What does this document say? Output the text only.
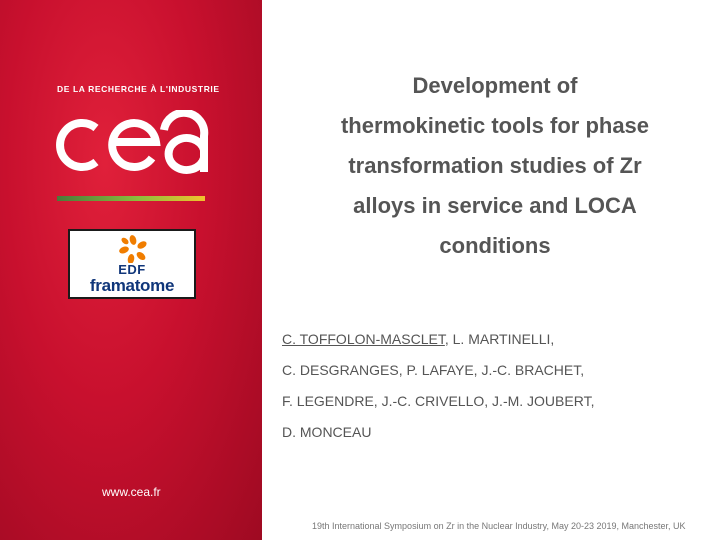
DE LA RECHERCHE À L'INDUSTRIE
cea
EDF
framatome
www.cea.fr
Development of
thermokinetic tools for phase
transformation studies of Zr
alloys in service and LOCA
conditions
C. TOFFOLON-MASCLET, L. MARTINELLI,
C. DESGRANGES, P. LAFAYE, J.-C. BRACHET,
F. LEGENDRE, J.-C. CRIVELLO, J.-M. JOUBERT,
D. MONCEAU
19th International Symposium on Zr in the Nuclear Industry, May 20-23 2019, Manchester, UK
